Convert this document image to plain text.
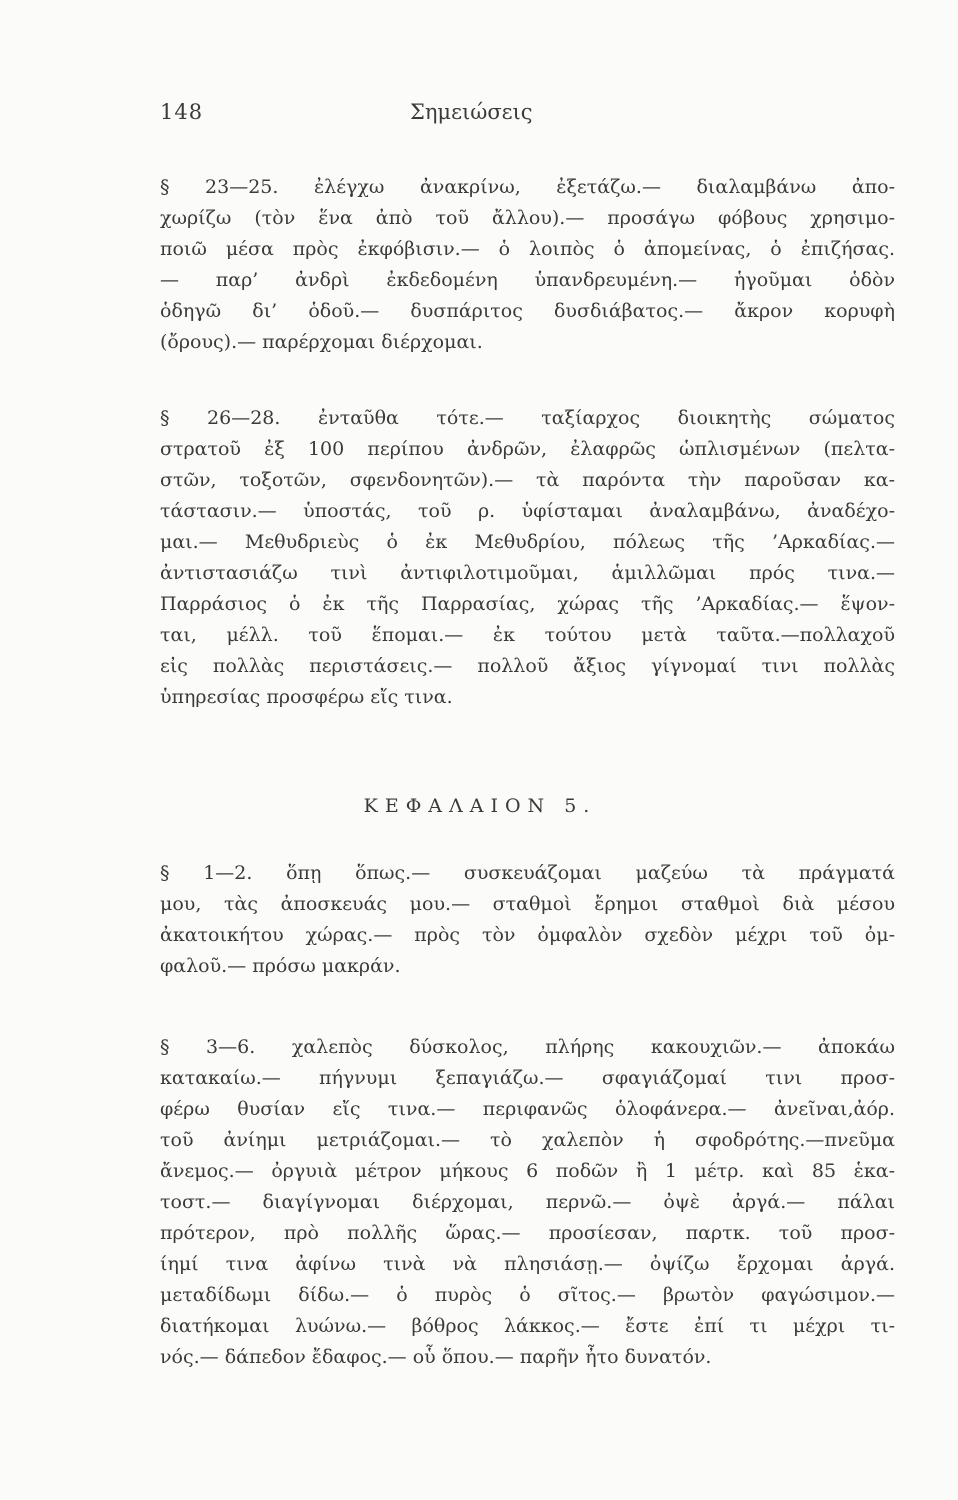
148	Σημειώσεις
§ 23—25. ἐλέγχω ἀνακρίνω, ἐξετάζω.— διαλαμβάνω ἀπο-
χωρίζω (τὸν ἕνα ἀπὸ τοῦ ἄλλου).— προσάγω φόβους χρησιμο-
ποιῶ μέσα πρὸς ἐκφόβισιν.— ὁ λοιπὸς ὁ ἀπομείνας, ὁ ἐπιζήσας.
— παρ’ ἀνδρὶ ἐκδεδομένη ὑπανδρευμένη.— ἡγοῦμαι ὁδὸν
ὁδηγῶ δι’ ὁδοῦ.— δυσπάριτος δυσδιάβατος.— ἄκρον κορυφὴ
(ὄρους).— παρέρχομαι διέρχομαι.
§ 26—28. ἐνταῦθα τότε.— ταξίαρχος διοικητὴς σώματος
στρατοῦ ἐξ 100 περίπου ἀνδρῶν, ἐλαφρῶς ὡπλισμένων (πελτα-
στῶν, τοξοτῶν, σφενδονητῶν).— τὰ παρόντα τὴν παροῦσαν κα-
τάστασιν.— ὑποστάς, τοῦ ρ. ὑφίσταμαι ἀναλαμβάνω, ἀναδέχο-
μαι.— Μεθυδριεὺς ὁ ἐκ Μεθυδρίου, πόλεως τῆς ’Αρκαδίας.—
ἀντιστασιάζω τινὶ ἀντιφιλοτιμοῦμαι, ἁμιλλῶμαι πρός τινα.—
Παρράσιος ὁ ἐκ τῆς Παρρασίας, χώρας τῆς ’Αρκαδίας.— ἕψον-
ται, μέλλ. τοῦ ἕπομαι.— ἐκ τούτου μετὰ ταῦτα.—πολλαχοῦ
εἰς πολλὰς περιστάσεις.— πολλοῦ ἄξιος γίγνομαί τινι πολλὰς
ὑπηρεσίας προσφέρω εἴς τινα.
ΚΕΦΑΛΑΙΟΝ 5.
§ 1—2. ὅπῃ ὅπως.— συσκευάζομαι μαζεύω τὰ πράγματά
μου, τὰς ἀποσκευάς μου.— σταθμοὶ ἔρημοι σταθμοὶ διὰ μέσου
ἀκατοικήτου χώρας.— πρὸς τὸν ὀμφαλὸν σχεδὸν μέχρι τοῦ ὀμ-
φαλοῦ.— πρόσω μακράν.
§ 3—6. χαλεπὸς δύσκολος, πλήρης κακουχιῶν.— ἀποκάω
κατακαίω.— πήγνυμι ξεπαγιάζω.— σφαγιάζομαί τινι προσ-
φέρω θυσίαν εἴς τινα.— περιφανῶς ὁλοφάνερα.— ἀνεῖναι,ἀόρ.
τοῦ ἀνίημι μετριάζομαι.— τὸ χαλεπὸν ἡ σφοδρότης.—πνεῦμα
ἄνεμος.— ὀργυιὰ μέτρον μήκους 6 ποδῶν ἢ 1 μέτρ. καὶ 85 ἑκα-
τοστ.— διαγίγνομαι διέρχομαι, περνῶ.— ὀψὲ ἀργά.— πάλαι
πρότερον, πρὸ πολλῆς ὥρας.— προσίεσαν, παρτκ. τοῦ προσ-
ίημί τινα ἀφίνω τινὰ νὰ πλησιάσῃ.— ὀψίζω ἔρχομαι ἀργά.
μεταδίδωμι δίδω.— ὁ πυρὸς ὁ σῖτος.— βρωτὸν φαγώσιμον.—
διατήκομαι λυώνω.— βόθρος λάκκος.— ἔστε ἐπί τι μέχρι τι-
νός.— δάπεδον ἔδαφος.— οὗ ὅπου.— παρῆν ἦτο δυνατόν.
